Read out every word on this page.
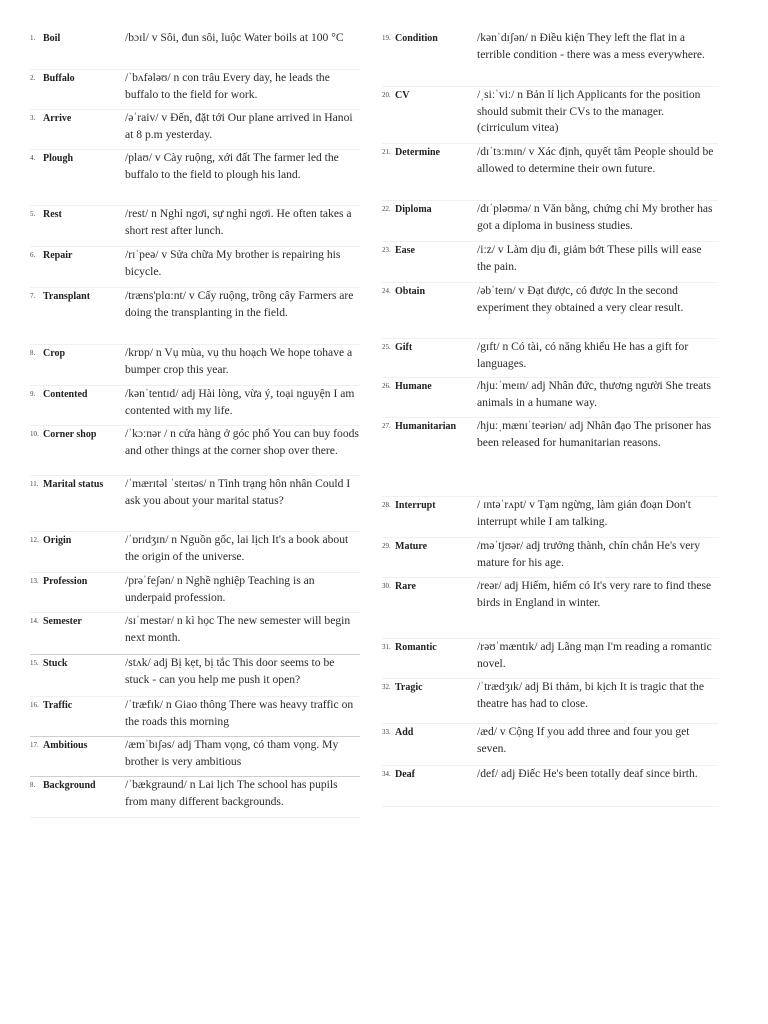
1. Boil	/bɔɪl/ v Sôi, đun sôi, luộc Water boils at 100 °C
2. Buffalo	/ˈbʌfələʊ/ n con trâu Every day, he leads the buffalo to the field for work.
3. Arrive	/əˈraiv/ v Đến, đặt tới Our plane arrived in Hanoi at 8 p.m yesterday.
4. Plough	/plaʊ/ v Cày ruộng, xới đất The farmer led the buffalo to the field to plough his land.
5. Rest	/rest/ n Nghỉ ngơi, sự nghỉ ngơi. He often takes a short rest after lunch.
6. Repair	/rɪˈpeə/ v Sửa chữa My brother is repairing his bicycle.
7. Transplant	/træns'plɑ:nt/ v Cấy ruộng, trồng cây Farmers are doing the transplanting in the field.
8. Crop	/krɒp/ n Vụ mùa, vụ thu hoạch We hope tohave a bumper crop this year.
9. Contented	/kənˈtentɪd/ adj Hài lòng, vừa ý, toại nguyện I am contented with my life.
10. Corner shop	/ˈkɔːnər / n cửa hàng ở góc phố You can buy foods and other things at the corner shop over there.
11. Marital status	/ˈmærɪtəl ˈsteɪtəs/ n Tình trạng hôn nhân Could I ask you about your marital status?
12. Origin	/ˈɒrɪdʒɪn/ n Nguồn gốc, lai lịch It's a book about the origin of the universe.
13. Profession	/prəˈfeʃən/ n Nghề nghiệp Teaching is an underpaid profession.
14. Semester	/sɪˈmestər/ n kì học The new semester will begin next month.
15. Stuck	/stʌk/ adj Bị kẹt, bị tắc This door seems to be stuck - can you help me push it open?
16. Traffic	/ˈtræfɪk/ n Giao thông There was heavy traffic on the roads this morning
17. Ambitious	/æmˈbɪʃəs/ adj Tham vọng, có tham vọng. My brother is very ambitious
8. Background	/ˈbækgraund/ n Lai lịch The school has pupils from many different backgrounds.
19. Condition	/kənˈdɪʃən/ n Điều kiện They left the flat in a terrible condition - there was a mess everywhere.
20. CV	/ˌsiːˈviː/ n Bản lí lịch Applicants for the position should submit their CVs to the manager. (cirriculum vitea)
21. Determine	/dɪˈtɜːmɪn/ v Xác định, quyết tâm People should be allowed to determine their own future.
22. Diploma	/dɪˈpləʊmə/ n Văn bằng, chứng chỉ My brother has got a diploma in business studies.
23. Ease	/iːz/ v Làm dịu đi, giảm bớt These pills will ease the pain.
24. Obtain	/əbˈteɪn/ v Đạt được, có được In the second experiment they obtained a very clear result.
25. Gift	/gɪft/ n Có tài, có năng khiếu He has a gift for languages.
26. Humane	/hjuːˈmeɪn/ adj Nhân đức, thương người She treats animals in a humane way.
27. Humanitarian	/hjuːˌmænɪˈteəriən/ adj Nhân đạo The prisoner has been released for humanitarian reasons.
28. Interrupt	/ ɪntəˈrʌpt/ v Tạm ngừng, làm gián đoạn Don't interrupt while I am talking.
29. Mature	/məˈtjʊər/ adj trưởng thành, chín chắn He's very mature for his age.
30. Rare	/reər/ adj Hiếm, hiếm có It's very rare to find these birds in England in winter.
31. Romantic	/rəʊˈmæntɪk/ adj Lãng mạn I'm reading a romantic novel.
32. Tragic	/ˈtrædʒɪk/ adj Bi thảm, bi kịch It is tragic that the theatre has had to close.
33. Add	/æd/ v Cộng If you add three and four you get seven.
34. Deaf	/def/ adj Điếc He's been totally deaf since birth.
